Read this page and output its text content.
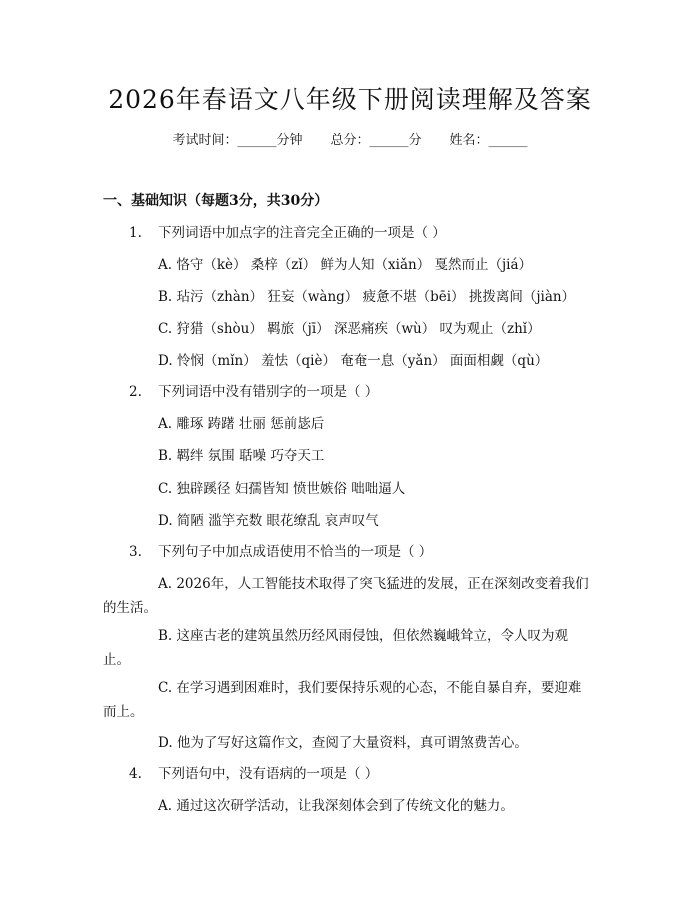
2026年春语文八年级下册阅读理解及答案
考试时间：______分钟 总分：______分 姓名：______
一、基础知识（每题3分，共30分）
1. 下列词语中加点字的注音完全正确的一项是（ ）
A. 恪守（kè） 桑梓（zǐ） 鲜为人知（xiǎn） 戛然而止（jiá）
B. 玷污（zhàn） 狂妄（wàng） 疲惫不堪（bēi） 挑拨离间（jiàn）
C. 狩猎（shòu） 羁旅（jī） 深恶痛疾（wù） 叹为观止（zhǐ）
D. 怜悯（mǐn） 羞怯（qiè） 奄奄一息（yǎn） 面面相觑（qù）
2. 下列词语中没有错别字的一项是（ ）
A. 雕琢 踌躇 壮丽 惩前毖后
B. 羁绊 氛围 聒噪 巧夺天工
C. 独辟蹊径 妇孺皆知 愤世嫉俗 咄咄逼人
D. 简陋 滥竽充数 眼花缭乱 哀声叹气
3. 下列句子中加点成语使用不恰当的一项是（ ）
A. 2026年，人工智能技术取得了突飞猛进的发展，正在深刻改变着我们
的生活。
B. 这座古老的建筑虽然历经风雨侵蚀，但依然巍峨耸立，令人叹为观
止。
C. 在学习遇到困难时，我们要保持乐观的心态，不能自暴自弃，要迎难
而上。
D. 他为了写好这篇作文，查阅了大量资料，真可谓煞费苦心。
4. 下列语句中，没有语病的一项是（ ）
A. 通过这次研学活动，让我深刻体会到了传统文化的魅力。
